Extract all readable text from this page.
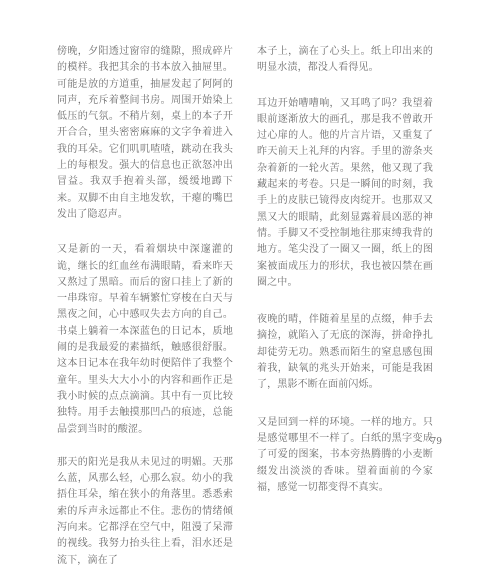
傍晚，夕阳透过窗帘的缝隙，照成碎片的模样。我把其余的书本放入抽屉里。可能是放的方道重，抽屉发起了阿阿的同声，充斥着整间书房。周围开始染上低压的气氛。不稍片刻，桌上的本子开开合合，里头密密麻麻的文字争着进入我的耳朵。它们叽叽喳喳，跳动在我头上的每根发。强大的信息也正欲怒冲出冒益。我双手抱着头部，缓缓地蹲下来。双脚不由自主地发软，干瘪的嘴巴发出了隐忍声。

又是新的一天，看着烟块中深邃灌的诡，继长的红血丝布满眼睛，看来昨天又熬过了黑暗。而后的窗口挂上了新的一串珠帘。早着车辆繁忙穿梭在白天与黑夜之间，心中感叹失去方向的自己。书桌上躺着一本深蓝色的日记本，质地闹的是我最爱的素描纸，触感很舒服。这本日记本在我年幼时便陪伴了我整个童年。里头大大小小的内容和画作正是我小时候的点点滴滴。其中有一页比较独特。用手去触摸那凹凸的痕迹，总能品尝到当时的酸涩。

那天的阳光是我从未见过的明媚。天那么蓝，风那么轻，心那么寂。幼小的我捂住耳朵，缩在狭小的角落里。悉悉索索的斥声永远都止不住。悲伤的情绪倾泻向来。它都浮在空气中，阻漫了呆滞的视线。我努力抬头往上看，泪水还是流下，滴在了

本子上，滴在了心头上。纸上印出来的明显水渍，都没人看得见。

耳边开始嘈嘈响，又耳鸣了吗？我望着眼前逐渐放大的画孔，那是我不曾敢开过心扉的人。他的片言片语，又重复了昨天前天上礼拜的内容。手里的游条夹杂着新的一轮火苦。果然，他又现了我藏起来的考卷。只是一瞬间的时刻，我手上的皮肤已镜得皮肉绽开。也那双又黑又大的眼睛，此刻显露着晨凶恶的神情。手脚又不受控制地往那束缚我背的地方。笔尖没了一圈又一圈，纸上的图案被面成压力的形状，我也被囚禁在画圈之中。

夜晚的晴，伴随着星星的点缀，伸手去摘捡，就陷入了无底的深海，拼命挣扎却徒劳无功。熟悉而陌生的窒息感包围着我，缺氧的兆头开始来，可能是我困了，黑影不断在面前闪烁。

又是回到一样的环境。一样的地方。只是感觉哪里不一样了。白纸的黑字变成了可爱的图案，书本旁热腾腾的小麦断缀发出淡淡的香味。望着面前的今家福，感觉一切都变得不真实。

79
